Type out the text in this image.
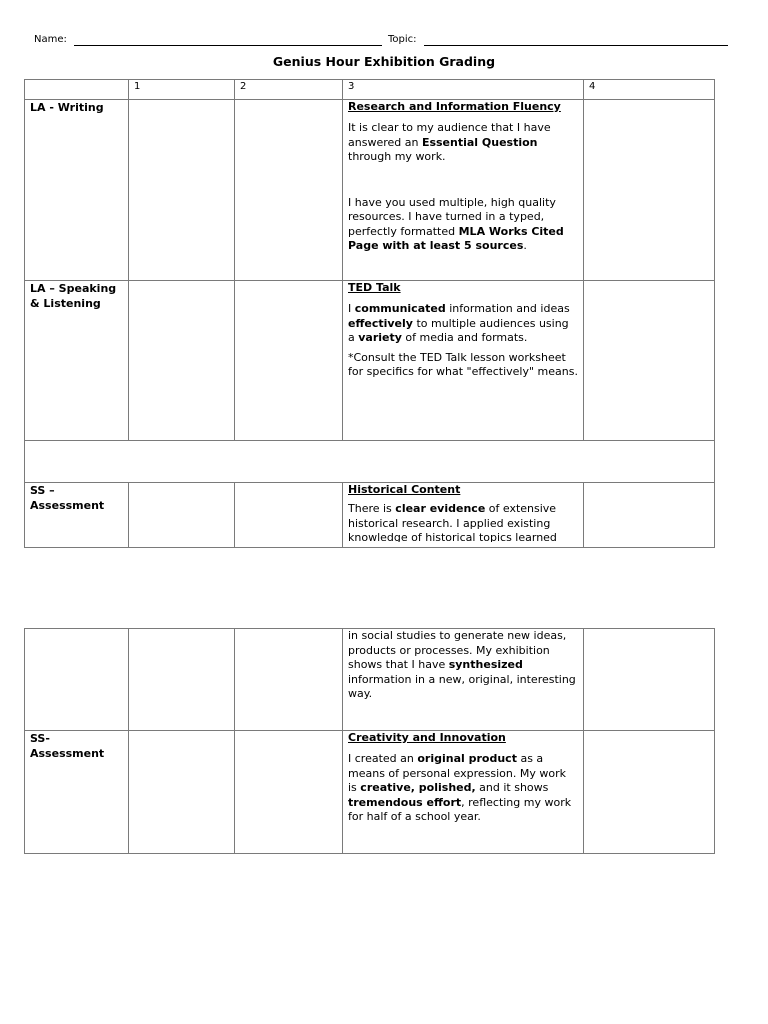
Name:	Topic:
Genius Hour Exhibition Grading
	1	2	3	4
LA - Writing			Research and Information Fluency
It is clear to my audience that I have answered an Essential Question through my work.
I have you used multiple, high quality resources. I have turned in a typed, perfectly formatted MLA Works Cited Page with at least 5 sources.	

LA – Speaking & Listening			TED Talk
I communicated information and ideas effectively to multiple audiences using a variety of media and formats.
*Consult the TED Talk lesson worksheet for specifics for what "effectively" means.	

SS – Assessment			Historical Content
There is clear evidence of extensive historical research. I applied existing knowledge of historical topics learned	

			in social studies to generate new ideas, products or processes. My exhibition shows that I have synthesized information in a new, original, interesting way.	

SS- Assessment			Creativity and Innovation
I created an original product as a means of personal expression. My work is creative, polished, and it shows tremendous effort, reflecting my work for half of a school year.	
